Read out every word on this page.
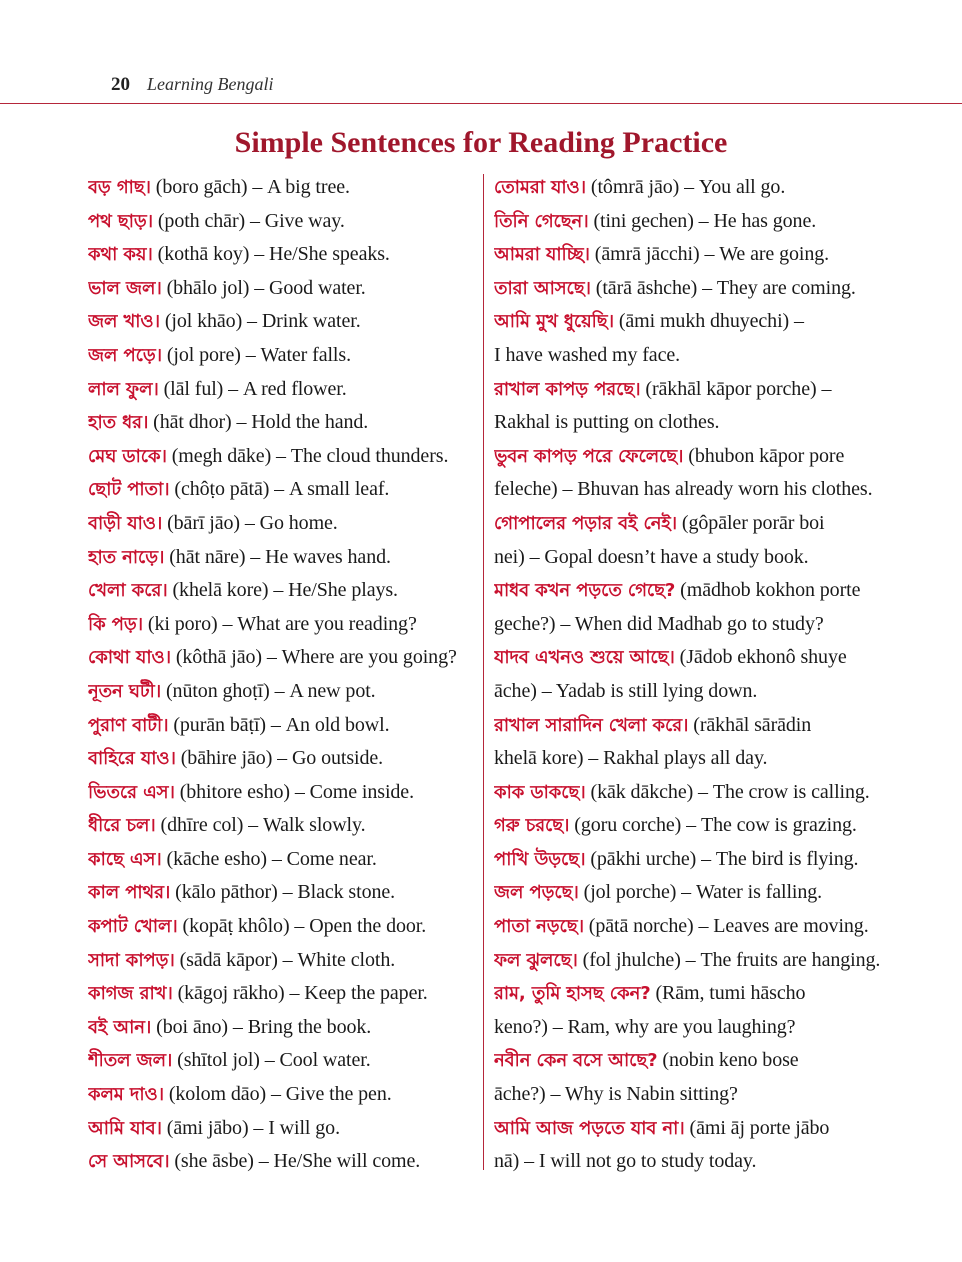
20 Learning Bengali
Simple Sentences for Reading Practice
বড় গাছ। (boro gāch) – A big tree.
পথ ছাড়। (poth chār) – Give way.
কথা কয়। (kothā koy) – He/She speaks.
ভাল জল। (bhālo jol) – Good water.
জল খাও। (jol khāo) – Drink water.
জল পড়ে। (jol pore) – Water falls.
লাল ফুল। (lāl ful) – A red flower.
হাত ধর। (hāt dhor) – Hold the hand.
মেঘ ডাকে। (megh dāke) – The cloud thunders.
ছোট পাতা। (chôṭo pātā) – A small leaf.
বাড়ী যাও। (bārī jāo) – Go home.
হাত নাড়ে। (hāt nāre) – He waves hand.
খেলা করে। (khelā kore) – He/She plays.
কি পড়। (ki poro) – What are you reading?
কোথা যাও। (kôthā jāo) – Where are you going?
নূতন ঘটী। (nūton ghoṭī) – A new pot.
পুরাণ বাটী। (purān bāṭī) – An old bowl.
বাহিরে যাও। (bāhire jāo) – Go outside.
ভিতরে এস। (bhitore esho) – Come inside.
ধীরে চল। (dhīre col) – Walk slowly.
কাছে এস। (kāche esho) – Come near.
কাল পাথর। (kālo pāthor) – Black stone.
কপাট খোল। (kopāṭ khôlo) – Open the door.
সাদা কাপড়। (sādā kāpor) – White cloth.
কাগজ রাখ। (kāgoj rākho) – Keep the paper.
বই আন। (boi āno) – Bring the book.
শীতল জল। (shītol jol) – Cool water.
কলম দাও। (kolom dāo) – Give the pen.
আমি যাব। (āmi jābo) – I will go.
সে আসবে। (she āsbe) – He/She will come.
তোমরা যাও। (tômrā jāo) – You all go.
তিনি গেছেন। (tini gechen) – He has gone.
আমরা যাচ্ছি। (āmrā jācchi) – We are going.
তারা আসছে। (tārā āshche) – They are coming.
আমি মুখ ধুয়েছি। (āmi mukh dhuyechi) –
I have washed my face.
রাখাল কাপড় পরছে। (rākhāl kāpor porche) –
Rakhal is putting on clothes.
ভুবন কাপড় পরে ফেলেছে। (bhubon kāpor pore
feleche) – Bhuvan has already worn his clothes.
গোপালের পড়ার বই নেই। (gôpāler porār boi
nei) – Gopal doesn’t have a study book.
মাধব কখন পড়তে গেছে? (mādhob kokhon porte
geche?) – When did Madhab go to study?
যাদব এখনও শুয়ে আছে। (Jādob ekhonô shuye
āche) – Yadab is still lying down.
রাখাল সারাদিন খেলা করে। (rākhāl sārādin
khelā kore) – Rakhal plays all day.
কাক ডাকছে। (kāk dākche) – The crow is calling.
গরু চরছে। (goru corche) – The cow is grazing.
পাখি উড়ছে। (pākhi urche) – The bird is flying.
জল পড়ছে। (jol porche) – Water is falling.
পাতা নড়ছে। (pātā norche) – Leaves are moving.
ফল ঝুলছে। (fol jhulche) – The fruits are hanging.
রাম, তুমি হাসছ কেন? (Rām, tumi hāscho
keno?) – Ram, why are you laughing?
নবীন কেন বসে আছে? (nobin keno bose
āche?) – Why is Nabin sitting?
আমি আজ পড়তে যাব না। (āmi āj porte jābo
nā) – I will not go to study today.
